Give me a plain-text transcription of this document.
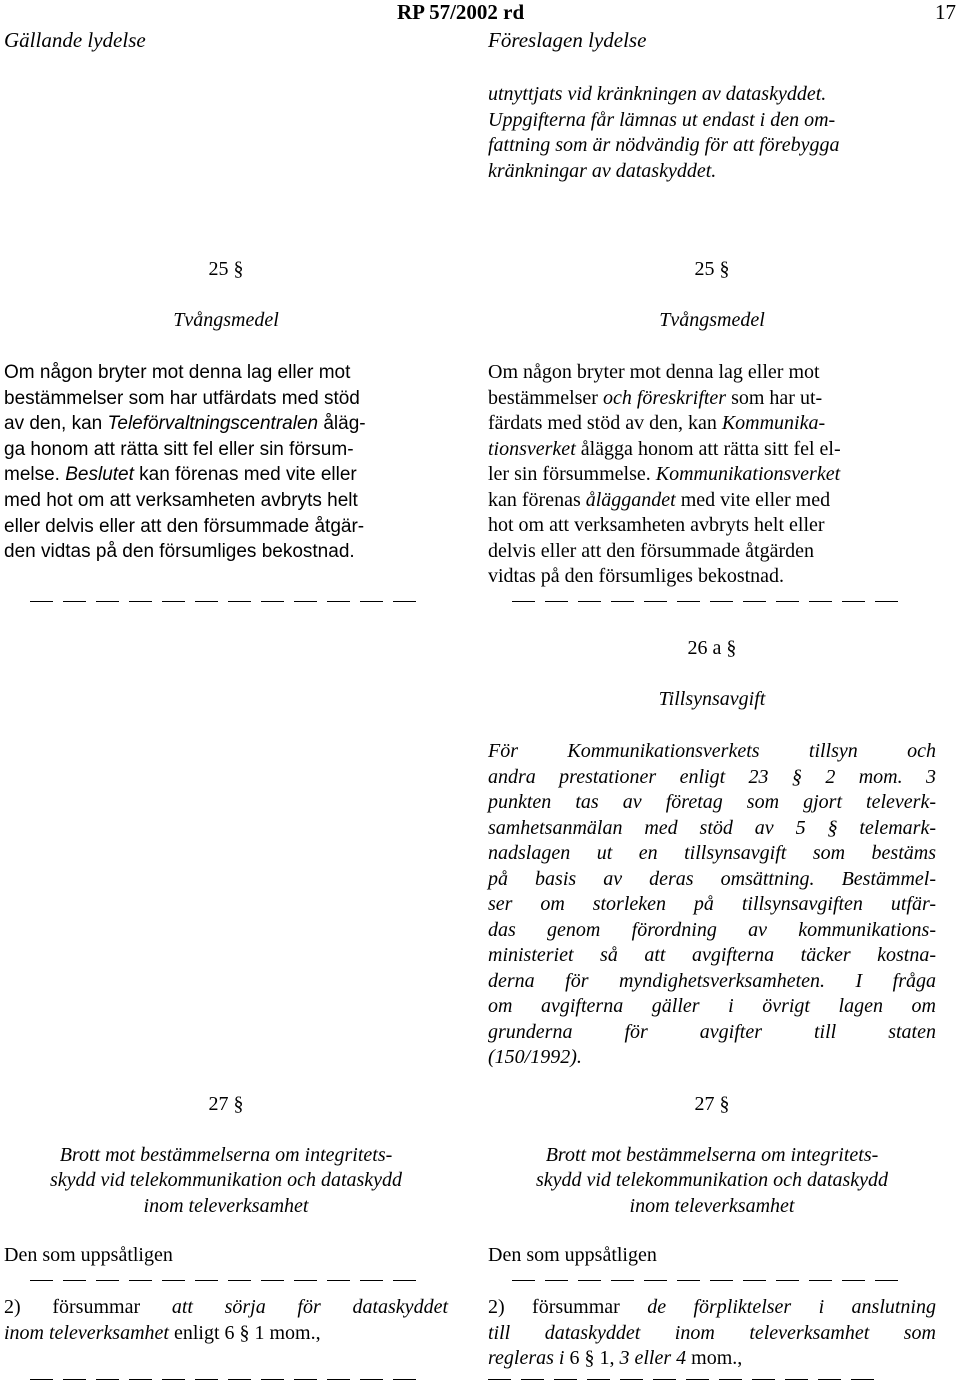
Gällande lydelse
RP 57/2002 rd
Föreslagen lydelse
17
utnyttjats vid kränkningen av dataskyddet.
Uppgifterna får lämnas ut endast i den om-
fattning som är nödvändig för att förebygga
kränkningar av dataskyddet.

25 §

Tvångsmedel

Om någon bryter mot denna lag eller mot
bestämmelser som har utfärdats med stöd
av den, kan Teleförvaltningscentralen åläg-
ga honom att rätta sitt fel eller sin försum-
melse. Beslutet kan förenas med vite eller
med hot om att verksamheten avbryts helt
eller delvis eller att den försummade åtgär-
den vidtas på den försumliges bekostnad.

25 §

Tvångsmedel

Om någon bryter mot denna lag eller mot
bestämmelser och föreskrifter som har ut-
färdats med stöd av den, kan Kommunika-
tionsverket ålägga honom att rätta sitt fel el-
ler sin försummelse. Kommunikationsverket
kan förenas åläggandet med vite eller med
hot om att verksamheten avbryts helt eller
delvis eller att den försummade åtgärden
vidtas på den försumliges bekostnad.

26 a §

Tillsynsavgift

För Kommunikationsverkets tillsyn och
andra prestationer enligt 23 § 2 mom. 3
punkten tas av företag som gjort televerk-
samhetsanmälan med stöd av 5 § telemark-
nadslagen ut en tillsynsavgift som bestäms
på basis av deras omsättning. Bestämmel-
ser om storleken på tillsynsavgiften utfär-
das genom förordning av kommunikations-
ministeriet så att avgifterna täcker kostna-
derna för myndighetsverksamheten. I fråga
om avgifterna gäller i övrigt lagen om
grunderna för avgifter till staten
(150/1992).

27 §

Brott mot bestämmelserna om integritets-
skydd vid telekommunikation och dataskydd
inom televerksamhet
Den som uppsåtligen
2) försummar att sörja för dataskyddet
inom televerksamhet enligt 6 § 1 mom.,

27 §

Brott mot bestämmelserna om integritets-
skydd vid telekommunikation och dataskydd
inom televerksamhet
Den som uppsåtligen
2) försummar de förpliktelser i anslutning
till dataskyddet inom televerksamhet som
regleras i 6 § 1, 3 eller 4 mom.,
